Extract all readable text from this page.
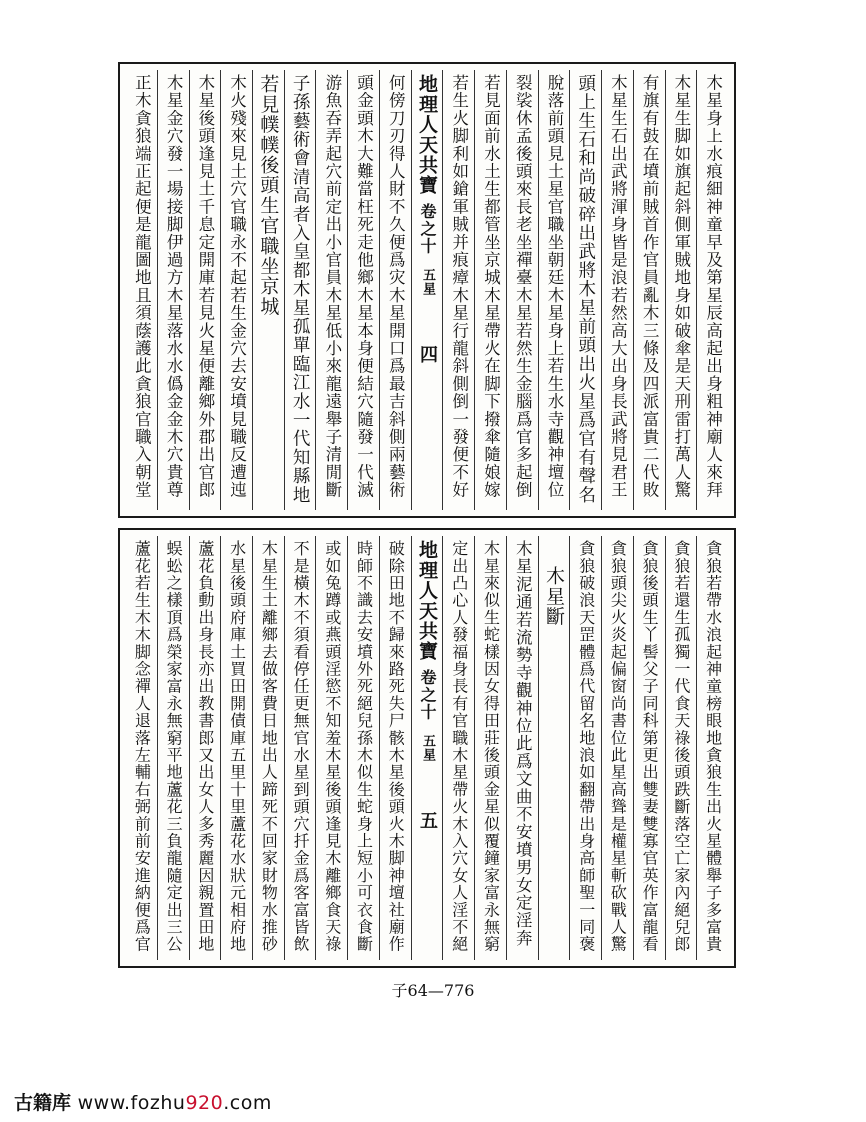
木星身上水痕細神童早及第星辰高起出身粗神廟人來拜
木星生脚如旗起斜側軍賊地身如破傘是天刑雷打萬人驚
有旗有鼓在墳前賊首作官員亂木三條及四派富貴二代敗
木星生石出武將渾身皆是浪若然高大出身長武將見君王
頭上生石和尚破碎出武將木星前頭出火星爲官有聲名
脫落前頭見土星官職坐朝廷木星身上若生水寺觀神壇位
裂裟休孟後頭來長老坐禪臺木星若然生金腦爲官多起倒
若見面前水土生都管坐京城木星帶火在脚下撥傘隨娘嫁
若生火脚利如鎗軍賊并痕瘴木星行龍斜側倒一發便不好
地理人天共寶 卷之十 五星 四
何傍刀刃得人財不久便爲灾木星開口爲最吉斜側兩藝術
頭金頭木大難當枉死走他鄉木星本身便結穴隨發一代滅
游魚吞弄起穴前定出小官員木星低小來龍遠舉子清閒斷
子孫藝術會清高者入皇都木星孤單臨江水一代知縣地
若見幞幞後頭生官職坐京城
木火殘來見土穴官職永不起若生金穴去安墳見職反遭迍
木星後頭逢見土千息定開庫若見火星便離鄉外郡出官郎
木星金穴發一場接脚伊過方木星落水水僞金金木穴貴尊
正木貪狼端正起便是龍圖地且須蔭護此貪狼官職入朝堂
貪狼若帶水浪起神童榜眼地貪狼生出火星體舉子多富貴
貪狼若還生孤獨一代食天祿後頭跌斷落空亡家內絕兒郎
貪狼後頭生丫髻父子同科第更出雙妻雙寡官英作富龍看
貪狼頭尖火炎起偏窗尚書位此星高聳是權星斬砍戰人驚
貪狼破浪天罡體爲代留名地浪如翻帶出身高師聖一同褒
木星斷
木星泥通若流勢寺觀神位此爲文曲不安墳男女定淫奔
木星來似生蛇樣因女得田莊後頭金星似覆鐘家富永無窮
定出凸心人發福身長有官職木星帶火木入穴女人淫不絕
地理人天共寶 卷之十 五星 五
破除田地不歸來路死失尸骸木星後頭火木脚神壇社廟作
時師不識去安墳外死絕兒孫木似生蛇身上短小可衣食斷
或如兔蹲或燕頭淫慾不知羞木星後頭逢見木離鄉食天祿
不是橫木不須看停任更無官水星到頭穴扦金爲客富皆飲
木星生土離鄉去做客費日地出人蹄死不回家財物水推砂
水星後頭府庫土買田開債庫五里十里蘆花水狀元相府地
蘆花負動出身長亦出教書郎又出女人多秀麗因親置田地
蜈蚣之樣頂爲榮家富永無窮平地蘆花三負龍隨定出三公
蘆花若生木木脚念禪人退落左輔右弼前前安進納便爲官
子64—776
古籍库 www.fozhu920.com
